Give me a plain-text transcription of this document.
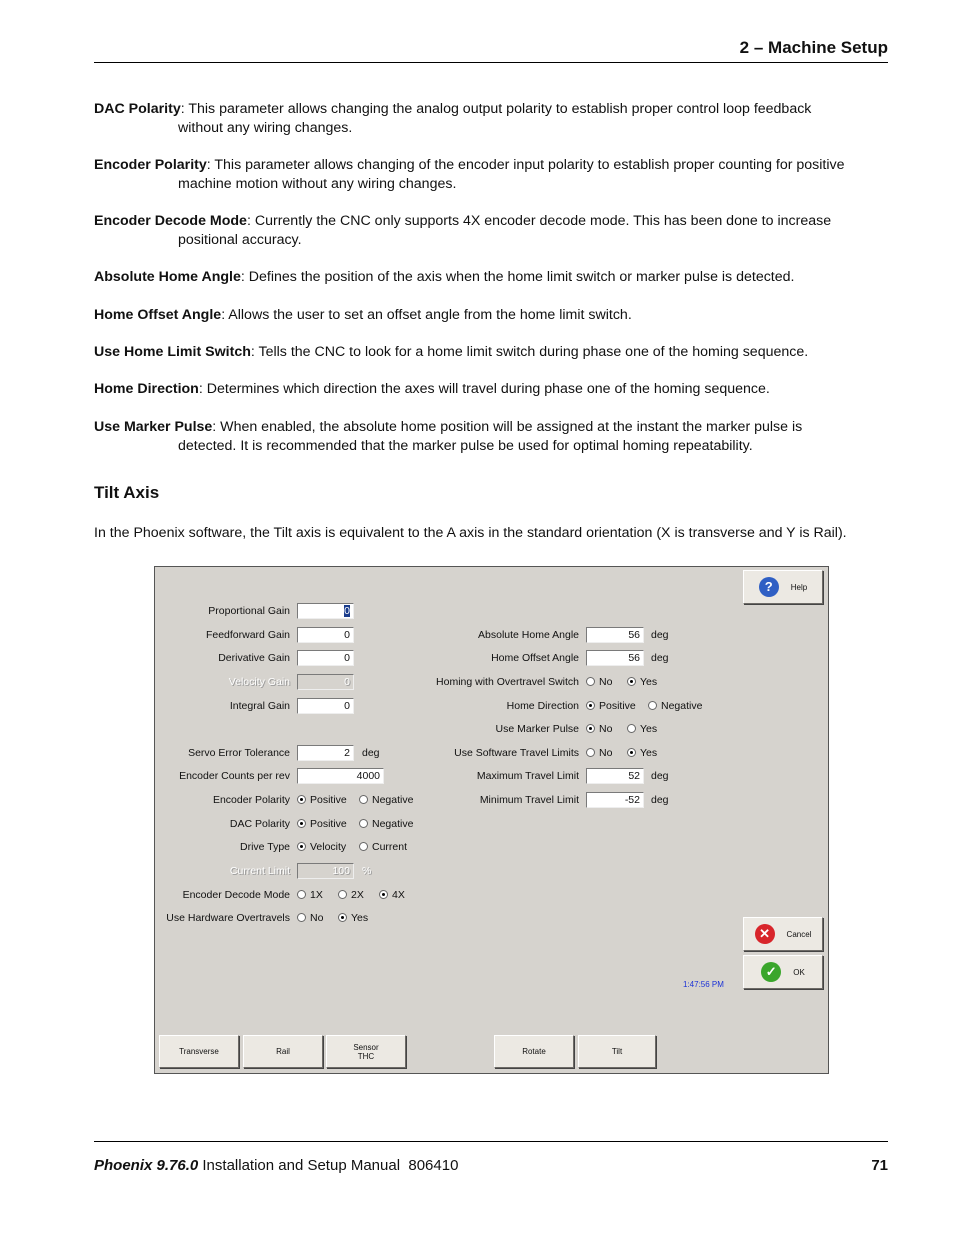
2 – Machine Setup
DAC Polarity: This parameter allows changing the analog output polarity to establish proper control loop feedback
without any wiring changes.
Encoder Polarity: This parameter allows changing of the encoder input polarity to establish proper counting for positive
machine motion without any wiring changes.
Encoder Decode Mode: Currently the CNC only supports 4X encoder decode mode. This has been done to increase
positional accuracy.
Absolute Home Angle: Defines the position of the axis when the home limit switch or marker pulse is detected.
Home Offset Angle: Allows the user to set an offset angle from the home limit switch.
Use Home Limit Switch: Tells the CNC to look for a home limit switch during phase one of the homing sequence.
Home Direction: Determines which direction the axes will travel during phase one of the homing sequence.
Use Marker Pulse: When enabled, the absolute home position will be assigned at the instant the marker pulse is
detected. It is recommended that the marker pulse be used for optimal homing repeatability.
Tilt Axis
In the Phoenix software, the Tilt axis is equivalent to the A axis in the standard orientation (X is transverse and Y is Rail).
Proportional Gain	0
Feedforward Gain	0
Derivative Gain	0
Velocity Gain	0
Integral Gain	0
Servo Error Tolerance	2	deg
Encoder Counts per rev	4000
Encoder Polarity	Positive	Negative
DAC Polarity	Positive	Negative
Drive Type	Velocity	Current
Current Limit	100	%
Encoder Decode Mode	1X	2X	4X
Use Hardware Overtravels	No	Yes
Absolute Home Angle	56	deg
Home Offset Angle	56	deg
Homing with Overtravel Switch	No	Yes
Home Direction	Positive	Negative
Use Marker Pulse	No	Yes
Use Software Travel Limits	No	Yes
Maximum Travel Limit	52	deg
Minimum Travel Limit	-52	deg
?	Help
✕	Cancel
✓	OK
1:47:56 PM
Transverse	Rail	Sensor THC	Rotate	Tilt
Phoenix 9.76.0 Installation and Setup Manual  806410	71
